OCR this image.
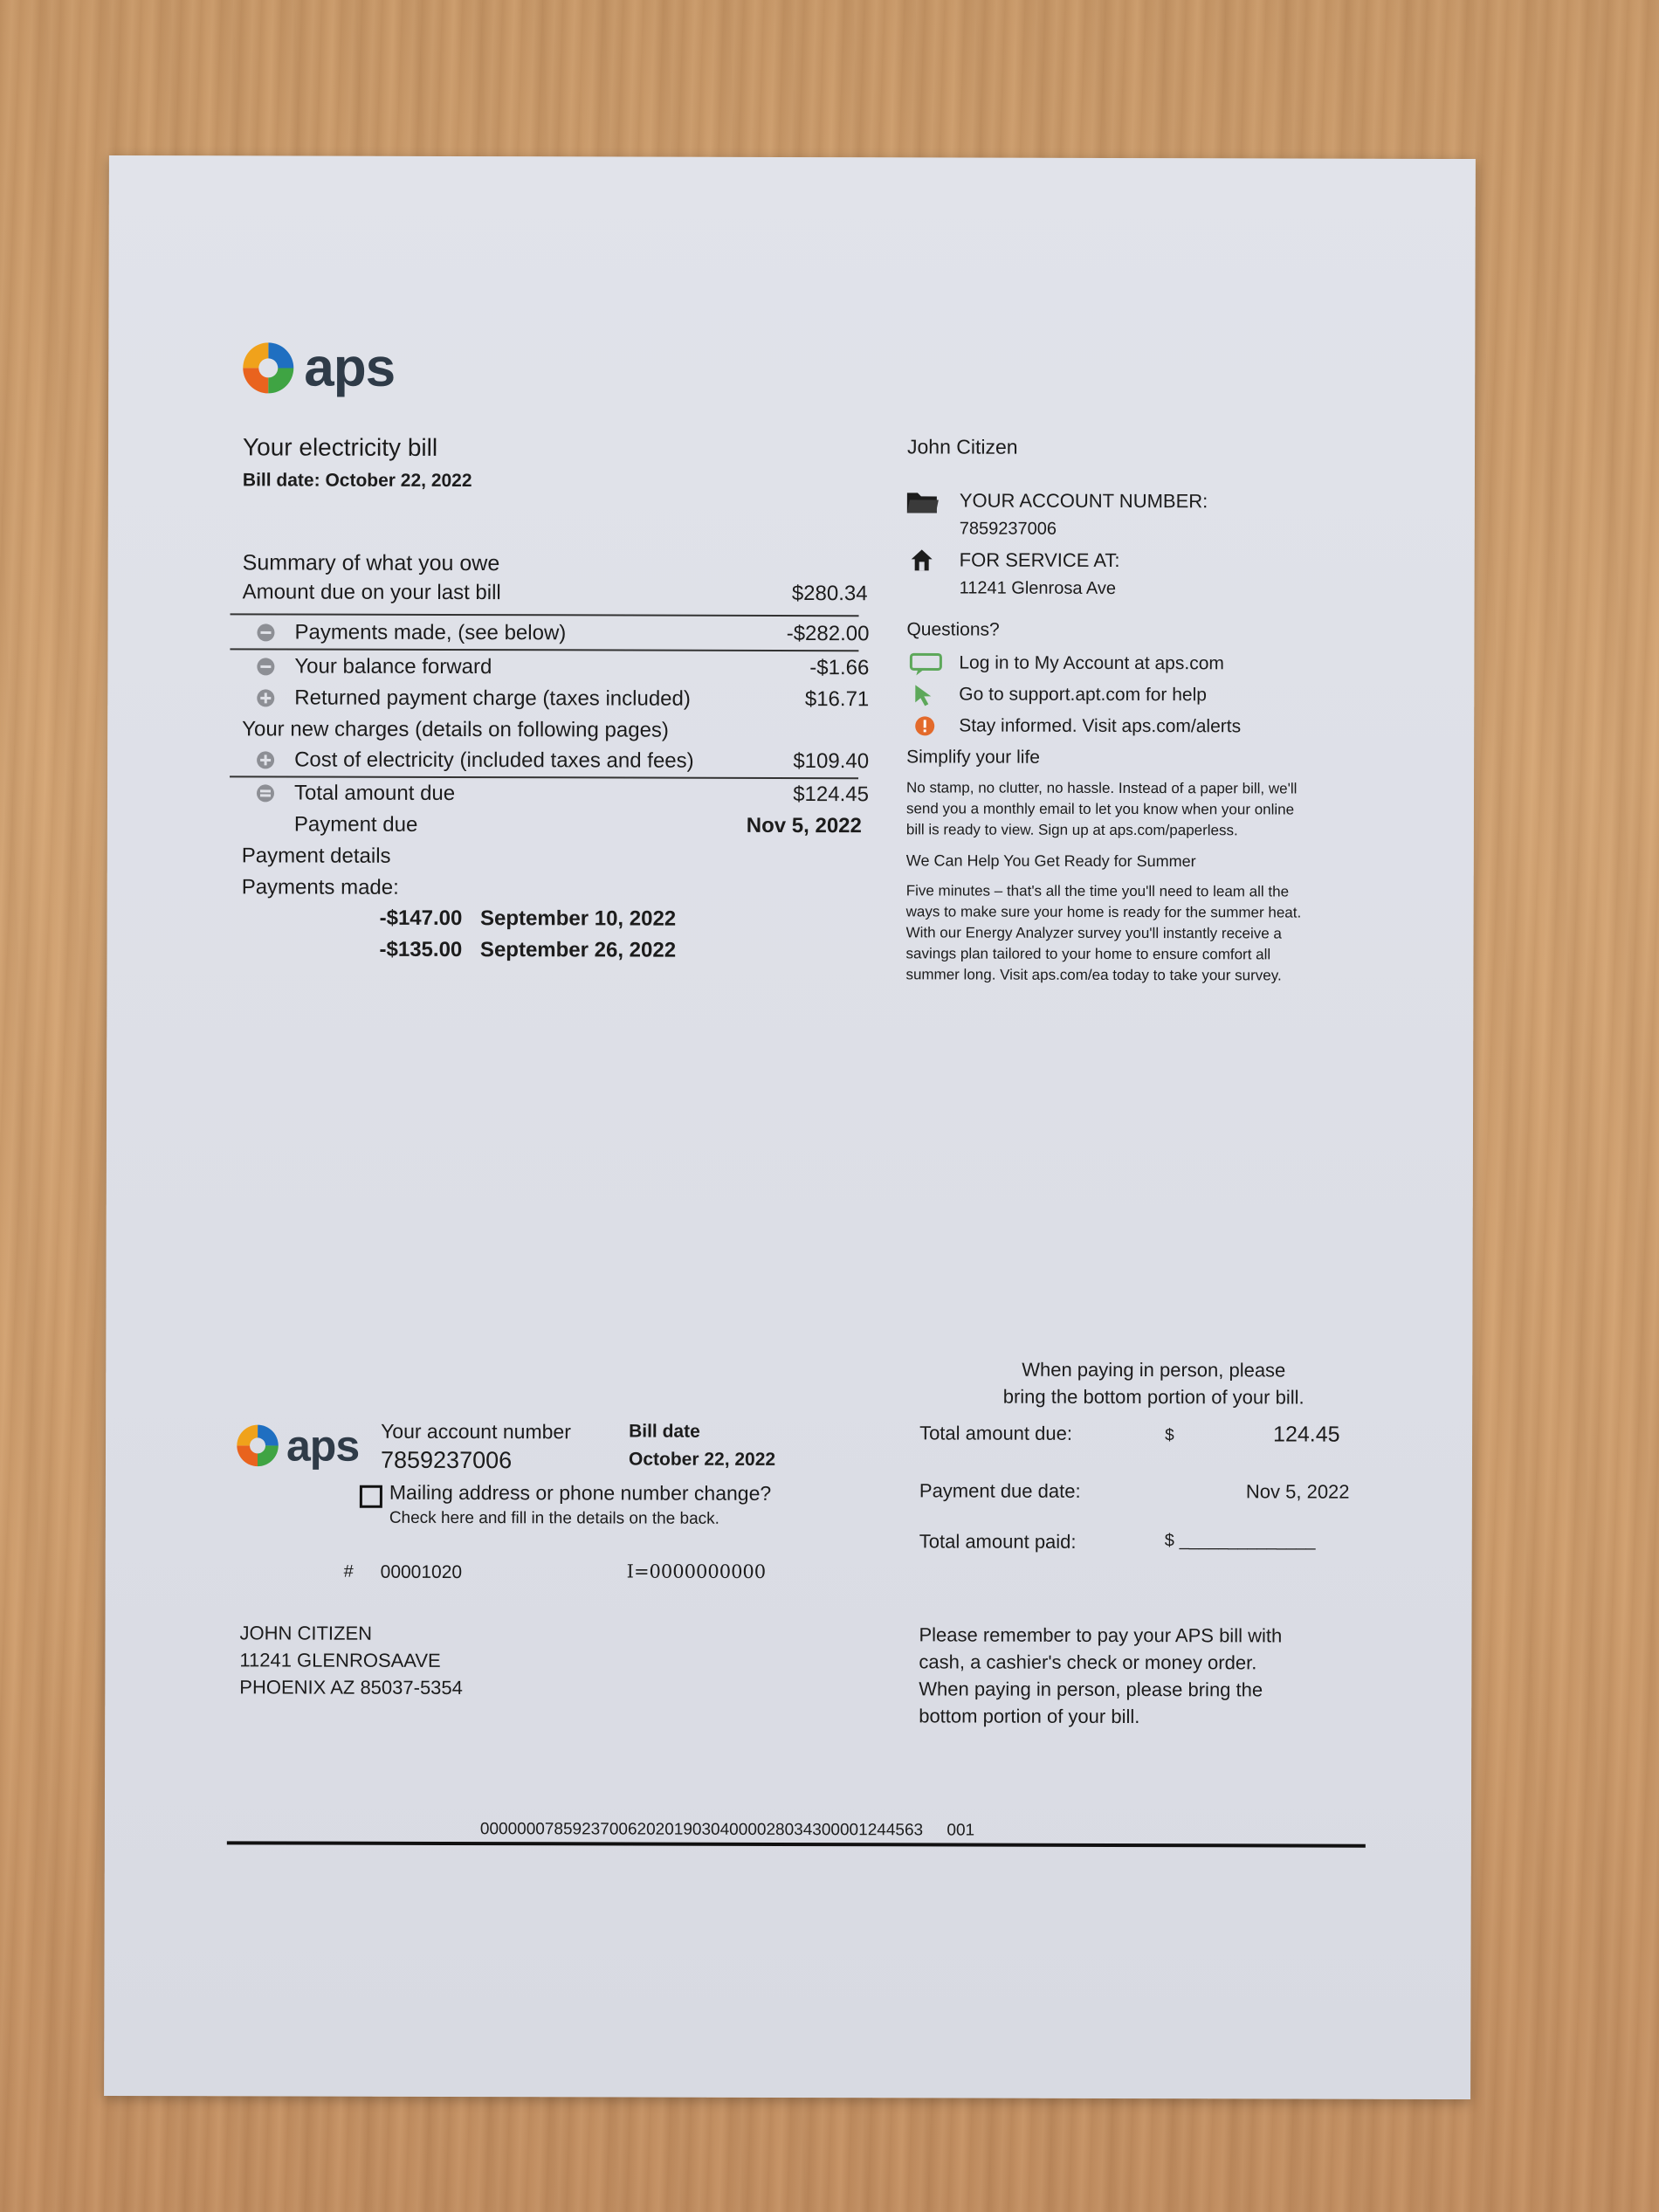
aps
Your electricity bill
Bill date: October 22, 2022
Summary of what you owe
Amount due on your last bill	$280.34
Payments made, (see below)	-$282.00
Your balance forward	-$1.66
Returned payment charge (taxes included)	$16.71
Your new charges (details on following pages)
Cost of electricity (included taxes and fees)	$109.40
Total amount due	$124.45
Payment due	Nov 5, 2022
Payment details
Payments made:
-$147.00 September 10, 2022
-$135.00 September 26, 2022
John Citizen
YOUR ACCOUNT NUMBER:
7859237006
FOR SERVICE AT:
11241 Glenrosa Ave
Questions?
Log in to My Account at aps.com
Go to support.apt.com for help
Stay informed. Visit aps.com/alerts
Simplify your life
No stamp, no clutter, no hassle. Instead of a paper bill, we'll
send you a monthly email to let you know when your online
bill is ready to view. Sign up at aps.com/paperless.
We Can Help You Get Ready for Summer
Five minutes – that's all the time you'll need to leam all the
ways to make sure your home is ready for the summer heat.
With our Energy Analyzer survey you'll instantly receive a
savings plan tailored to your home to ensure comfort all
summer long. Visit aps.com/ea today to take your survey.
When paying in person, please
bring the bottom portion of your bill.
aps Your account number
7859237006
Bill date
October 22, 2022
Mailing address or phone number change?
Check here and fill in the details on the back.
# 00001020	I=0000000000
Total amount due:	$	124.45
Payment due date:	Nov 5, 2022
Total amount paid:	$ ______________
JOHN CITIZEN
11241 GLENROSAAVE
PHOENIX AZ 85037-5354
Please remember to pay your APS bill with
cash, a cashier's check or money order.
When paying in person, please bring the
bottom portion of your bill.
000000078592370062020190304000028034300001244563 001
